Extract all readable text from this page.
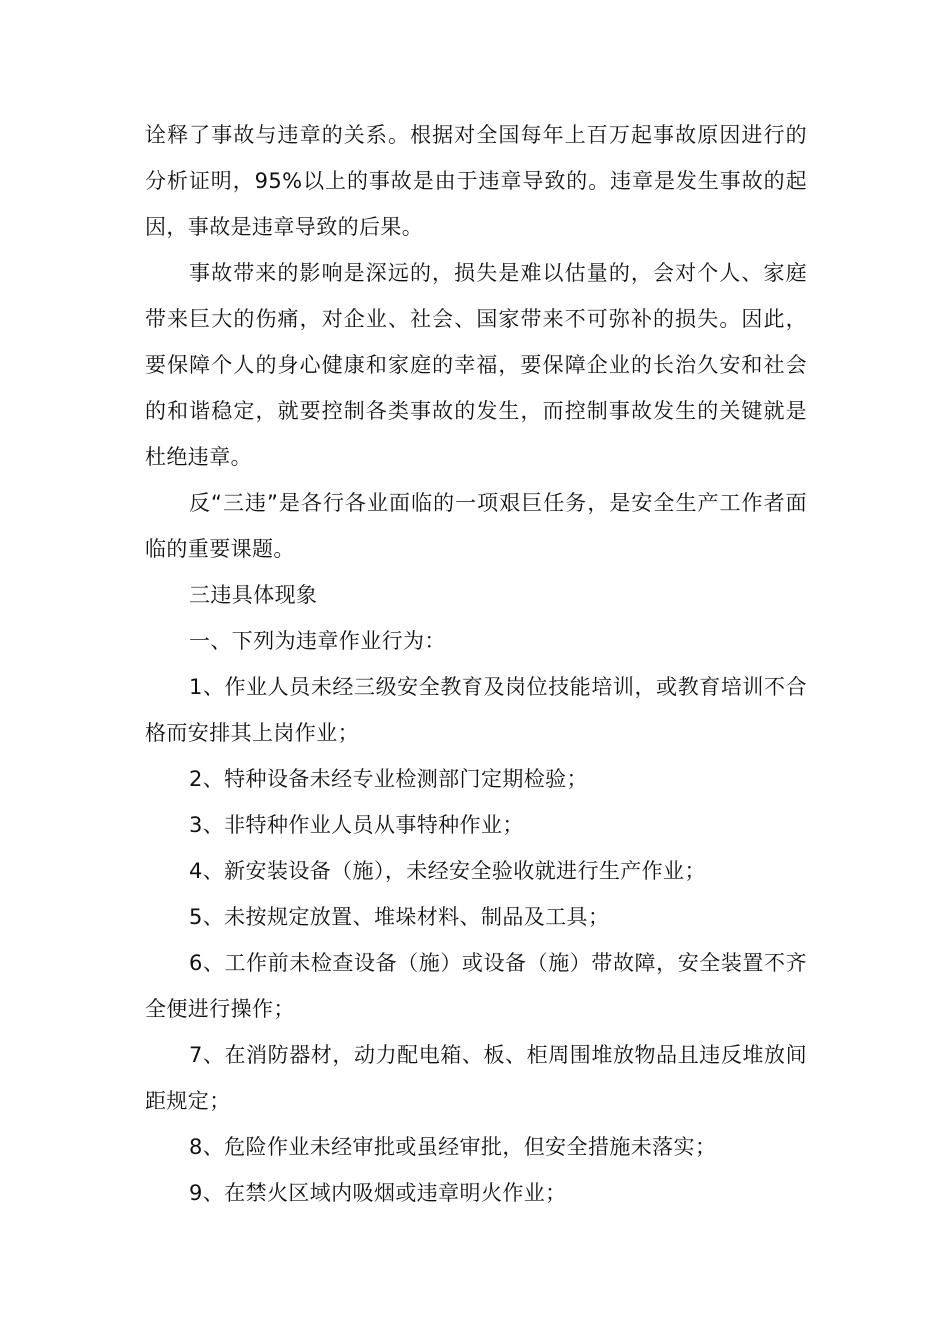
诠释了事故与违章的关系。根据对全国每年上百万起事故原因进行的分析证明，95%以上的事故是由于违章导致的。违章是发生事故的起因，事故是违章导致的后果。

事故带来的影响是深远的，损失是难以估量的，会对个人、家庭带来巨大的伤痛，对企业、社会、国家带来不可弥补的损失。因此，要保障个人的身心健康和家庭的幸福，要保障企业的长治久安和社会的和谐稳定，就要控制各类事故的发生，而控制事故发生的关键就是杜绝违章。

反“三违”是各行各业面临的一项艰巨任务，是安全生产工作者面临的重要课题。

三违具体现象

一、下列为违章作业行为：

1、作业人员未经三级安全教育及岗位技能培训，或教育培训不合格而安排其上岗作业；

2、特种设备未经专业检测部门定期检验；

3、非特种作业人员从事特种作业；

4、新安装设备（施），未经安全验收就进行生产作业；

5、未按规定放置、堆垛材料、制品及工具；

6、工作前未检查设备（施）或设备（施）带故障，安全装置不齐全便进行操作；

7、在消防器材，动力配电箱、板、柜周围堆放物品且违反堆放间距规定；

8、危险作业未经审批或虽经审批，但安全措施未落实；

9、在禁火区域内吸烟或违章明火作业；
